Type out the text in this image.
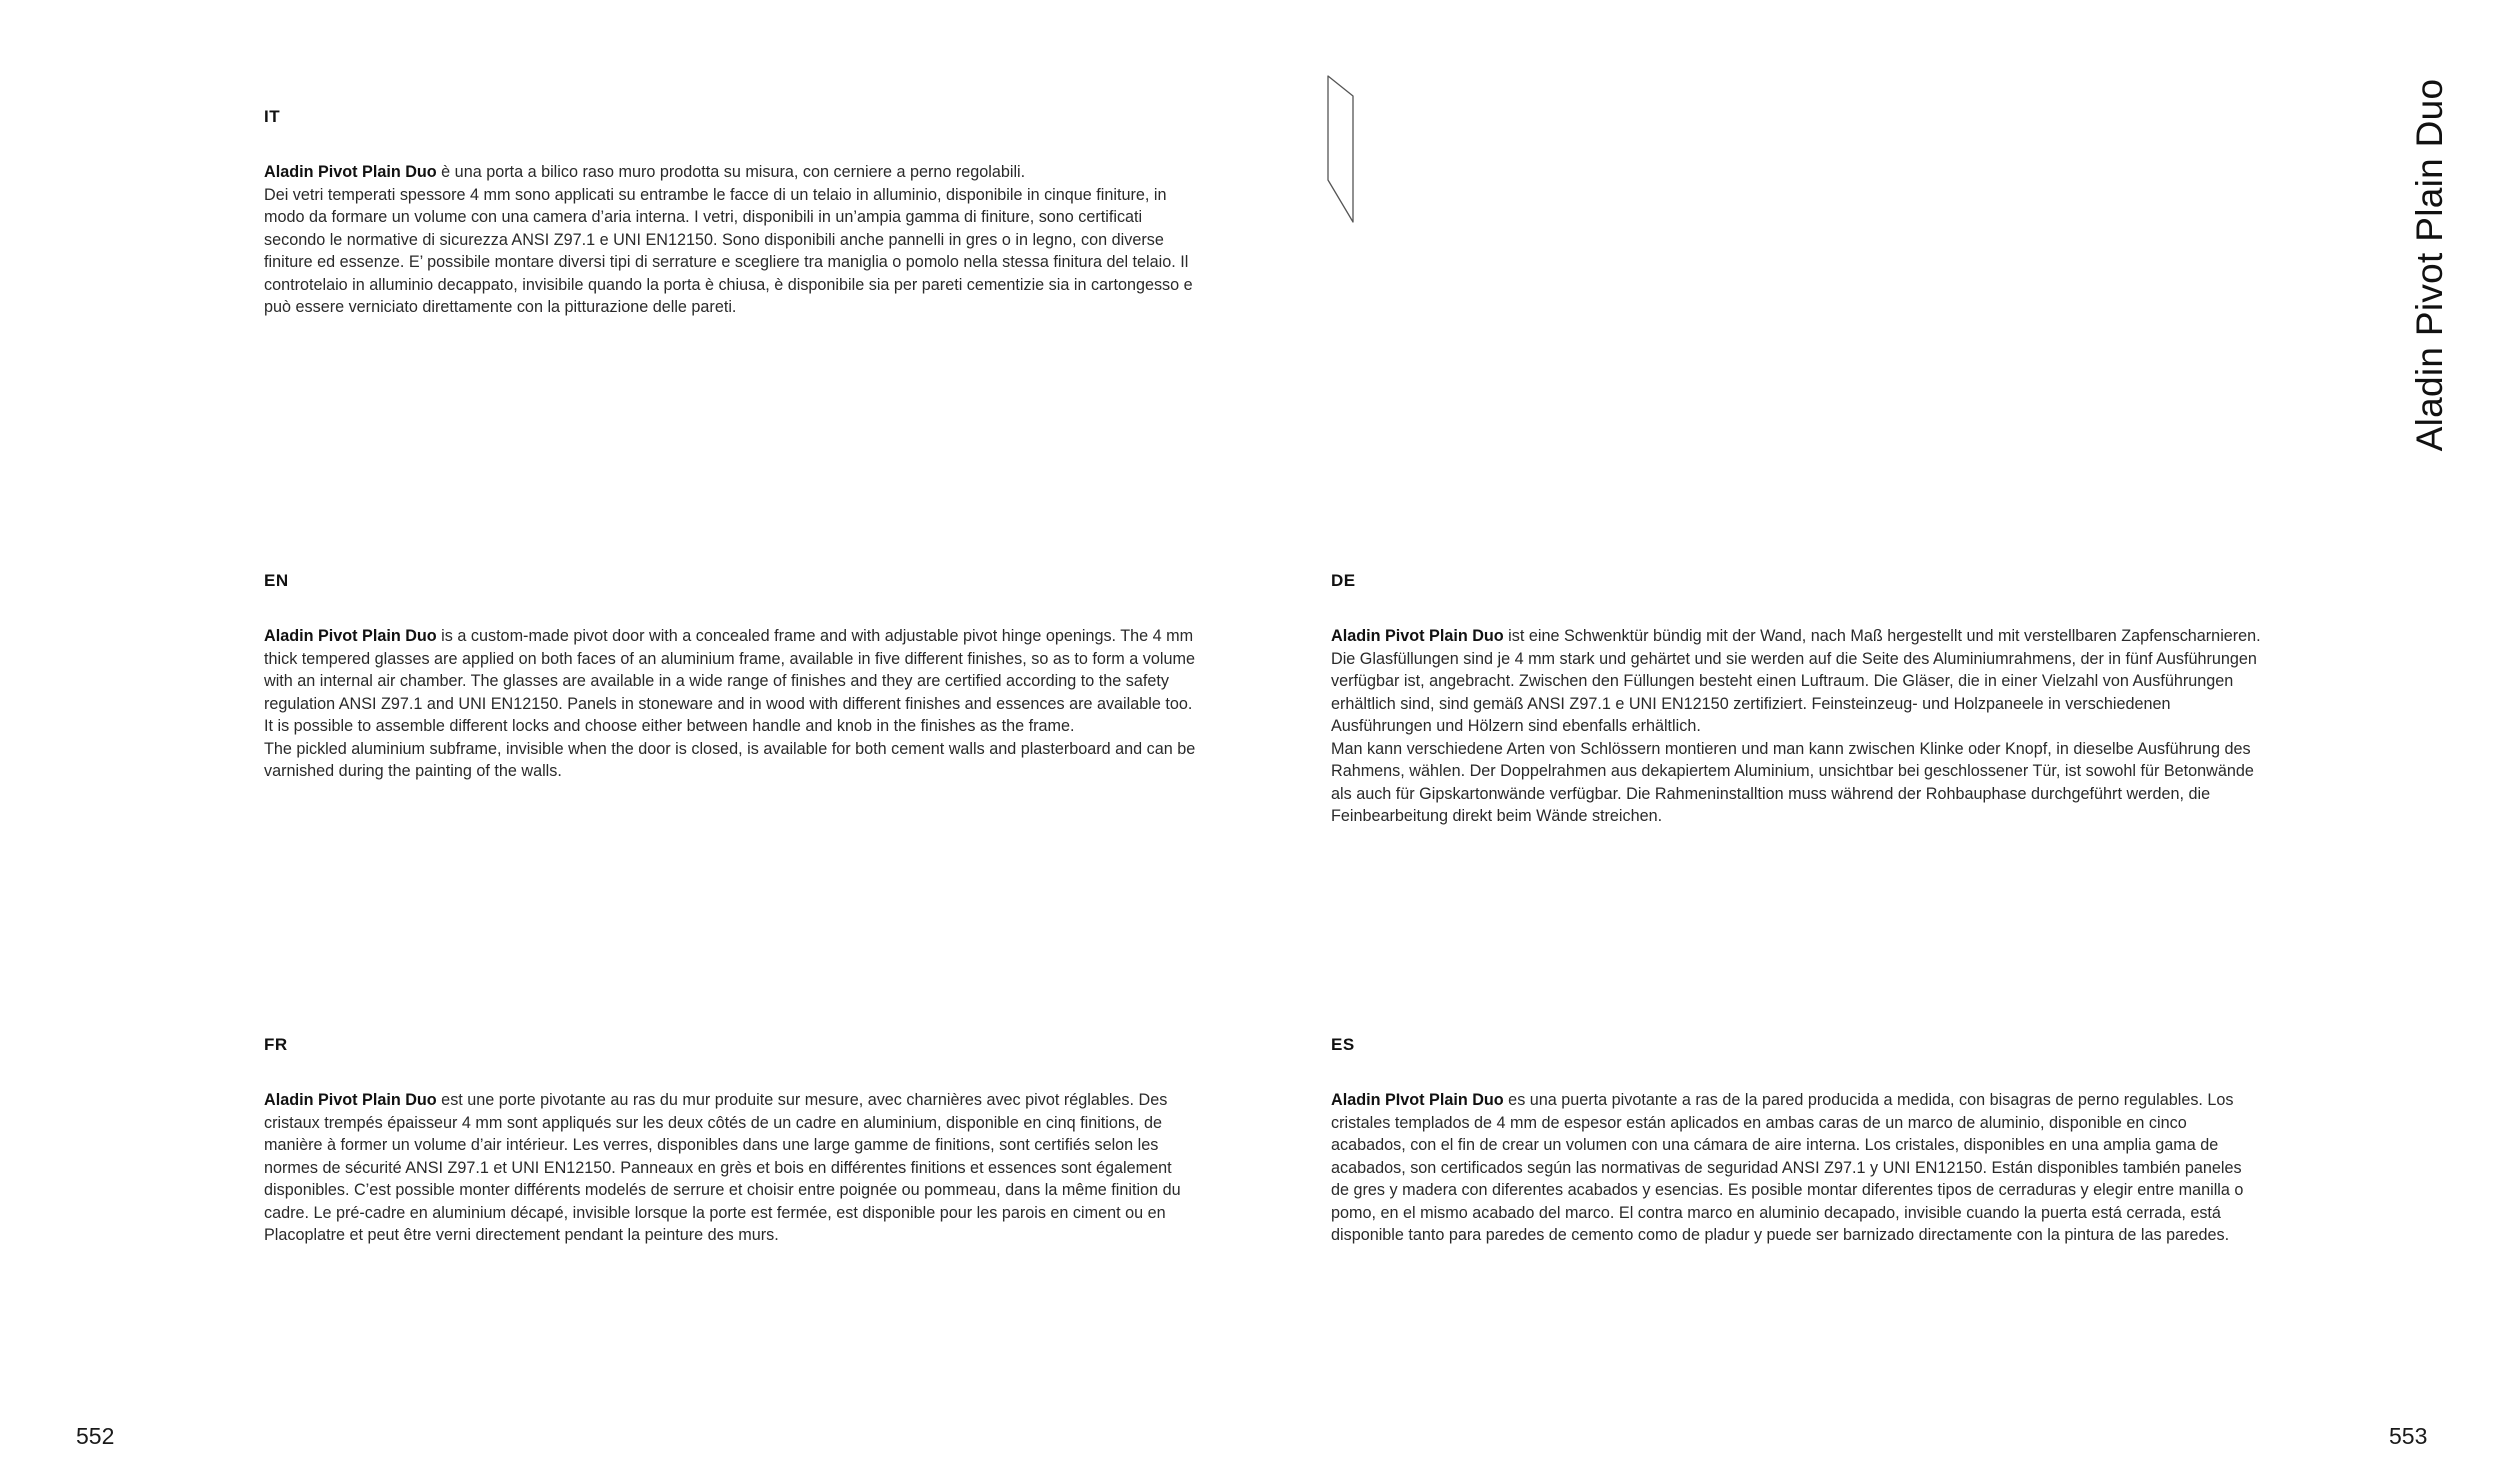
IT

Aladin Pivot Plain Duo è una porta a bilico raso muro prodotta su misura, con cerniere a perno regolabili.
Dei vetri temperati spessore 4 mm sono applicati su entrambe le facce di un telaio in alluminio, disponibile in cinque finiture, in modo da formare un volume con una camera d’aria interna. I vetri, disponibili in un’ampia gamma di finiture, sono certificati secondo le normative di sicurezza ANSI Z97.1 e UNI EN12150. Sono disponibili anche pannelli in gres o in legno, con diverse finiture ed essenze. E’ possibile montare diversi tipi di serrature e scegliere tra maniglia o pomolo nella stessa finitura del telaio. Il controtelaio in alluminio decappato, invisibile quando la porta è chiusa, è disponibile sia per pareti cementizie sia in cartongesso e può essere verniciato direttamente con la pitturazione delle pareti.	Aladin Pivot Plain Duo
EN

Aladin Pivot Plain Duo is a custom-made pivot door with a concealed frame and with adjustable pivot hinge openings. The 4 mm thick tempered glasses are applied on both faces of an aluminium frame, available in five different finishes, so as to form a volume with an internal air chamber. The glasses are available in a wide range of finishes and they are certified according to the safety regulation ANSI Z97.1 and UNI EN12150. Panels in stoneware and in wood with different finishes and essences are available too. It is possible to assemble different locks and choose either between handle and knob in the finishes as the frame.
The pickled aluminium subframe, invisible when the door is closed, is available for both cement walls and plasterboard and can be varnished during the painting of the walls.

DE

Aladin Pivot Plain Duo ist eine Schwenktür bündig mit der Wand, nach Maß hergestellt und mit verstellbaren Zapfenscharnieren. Die Glasfüllungen sind je 4 mm stark und gehärtet und sie werden auf die Seite des Aluminiumrahmens, der in fünf Ausführungen verfügbar ist, angebracht. Zwischen den Füllungen besteht einen Luftraum. Die Gläser, die in einer Vielzahl von Ausführungen erhältlich sind, sind gemäß ANSI Z97.1 e UNI EN12150 zertifiziert. Feinsteinzeug- und Holzpaneele in verschiedenen Ausführungen und Hölzern sind ebenfalls erhältlich.
Man kann verschiedene Arten von Schlössern montieren und man kann zwischen Klinke oder Knopf, in dieselbe Ausführung des Rahmens, wählen. Der Doppelrahmen aus dekapiertem Aluminium, unsichtbar bei geschlossener Tür, ist sowohl für Betonwände als auch für Gipskartonwände verfügbar. Die Rahmeninstalltion muss während der Rohbauphase durchgeführt werden, die Feinbearbeitung direkt beim Wände streichen.

FR

Aladin Pivot Plain Duo est une porte pivotante au ras du mur produite sur mesure, avec charnières avec pivot réglables. Des cristaux trempés épaisseur 4 mm sont appliqués sur les deux côtés de un cadre en aluminium, disponible en cinq finitions, de manière à former un volume d’air intérieur. Les verres, disponibles dans une large gamme de finitions, sont certifiés selon les normes de sécurité ANSI Z97.1 et UNI EN12150. Panneaux en grès et bois en différentes finitions et essences sont également disponibles. C’est possible monter différents modelés de serrure et choisir entre poignée ou pommeau, dans la même finition du cadre. Le pré-cadre en aluminium décapé, invisible lorsque la porte est fermée, est disponible pour les parois en ciment ou en Placoplatre et peut être verni directement pendant la peinture des murs.

ES

Aladin PIvot Plain Duo es una puerta pivotante a ras de la pared producida a medida, con bisagras de perno regulables. Los cristales templados de 4 mm de espesor están aplicados en ambas caras de un marco de aluminio, disponible en cinco acabados, con el fin de crear un volumen con una cámara de aire interna. Los cristales, disponibles en una amplia gama de acabados, son certificados según las normativas de seguridad ANSI Z97.1 y UNI EN12150. Están disponibles también paneles de gres y madera con diferentes acabados y esencias. Es posible montar diferentes tipos de cerraduras y elegir entre manilla o pomo, en el mismo acabado del marco. El contra marco en aluminio decapado, invisible cuando la puerta está cerrada, está disponible tanto para paredes de cemento como de pladur y puede ser barnizado directamente con la pintura de las paredes.

552	553
